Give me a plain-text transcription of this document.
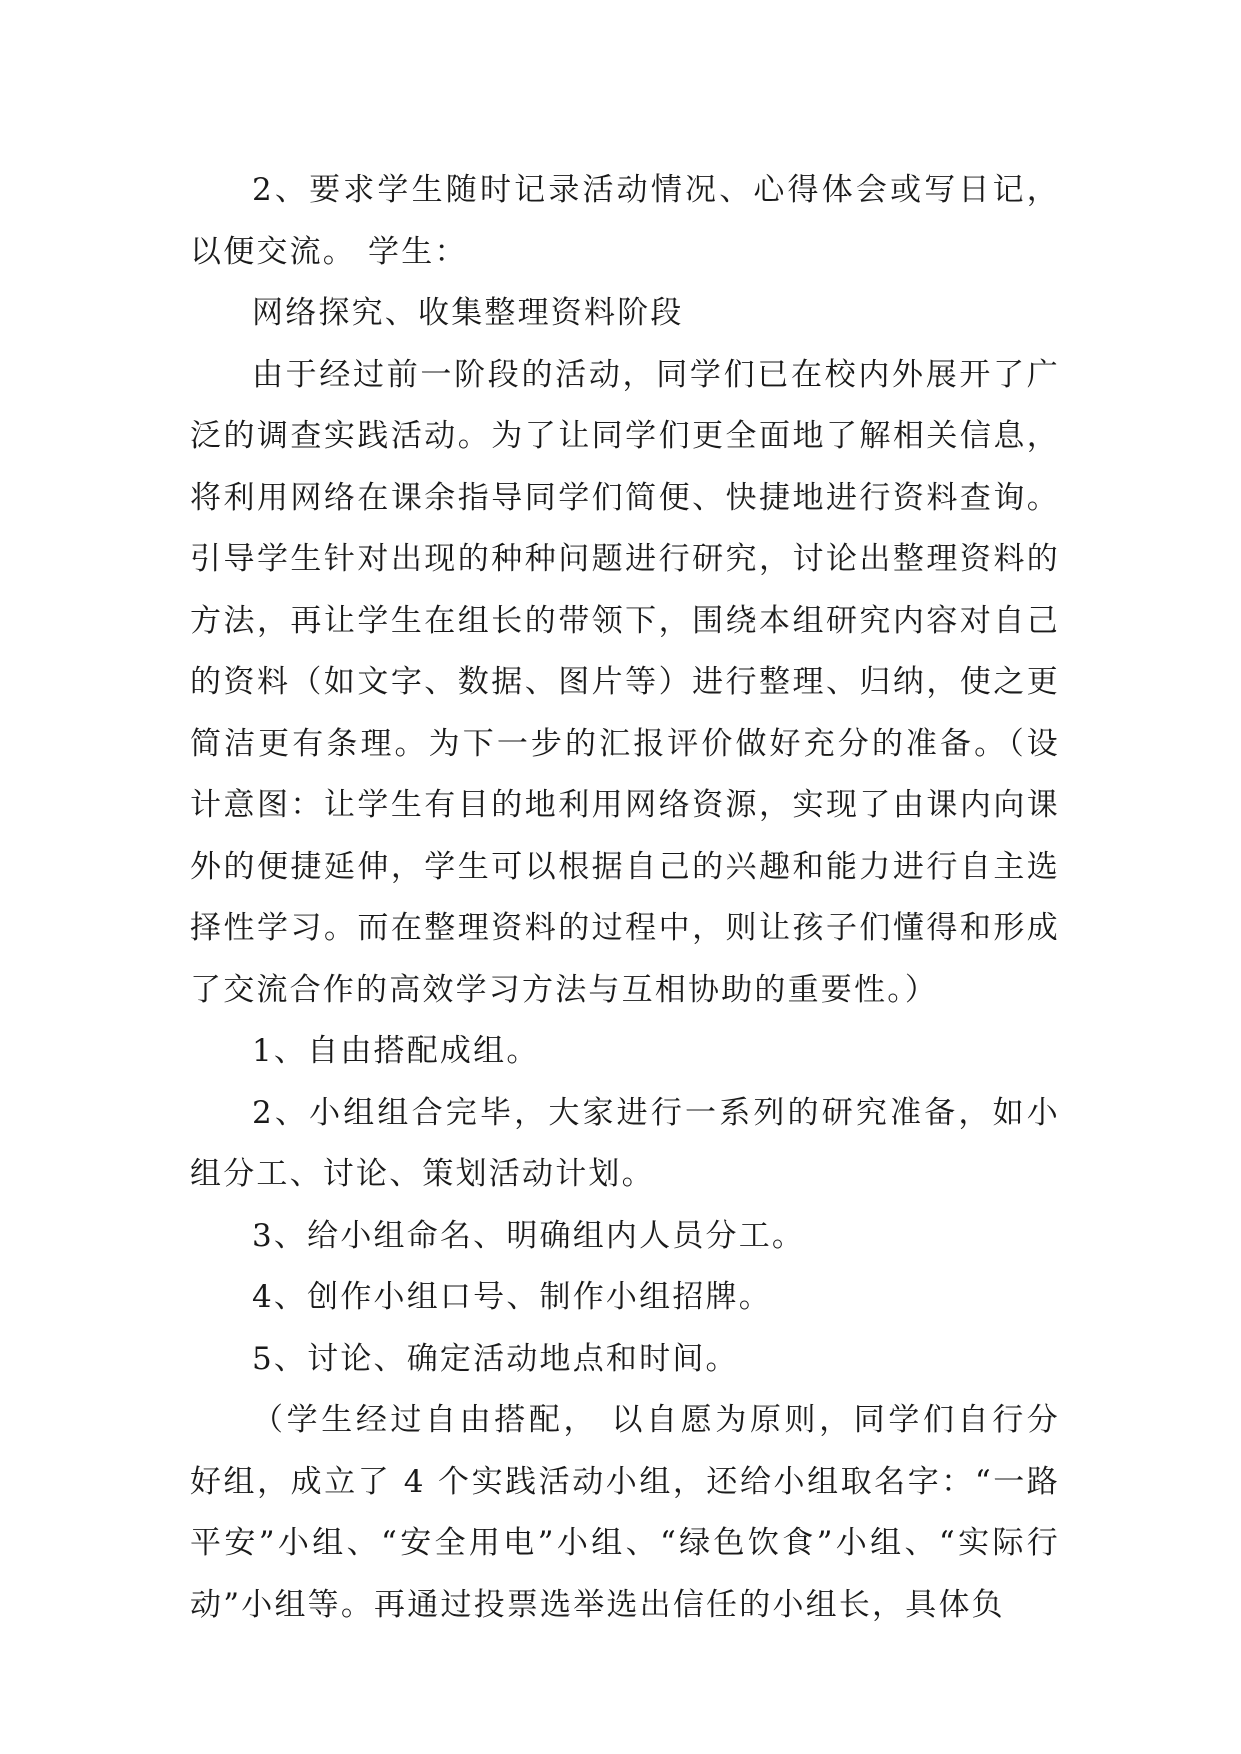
2、要求学生随时记录活动情况、心得体会或写日记，以便交流。 学生：

网络探究、收集整理资料阶段

由于经过前一阶段的活动，同学们已在校内外展开了广泛的调查实践活动。为了让同学们更全面地了解相关信息，将利用网络在课余指导同学们简便、快捷地进行资料查询。引导学生针对出现的种种问题进行研究，讨论出整理资料的方法，再让学生在组长的带领下，围绕本组研究内容对自己的资料（如文字、数据、图片等）进行整理、归纳，使之更简洁更有条理。为下一步的汇报评价做好充分的准备。（设计意图：让学生有目的地利用网络资源，实现了由课内向课外的便捷延伸，学生可以根据自己的兴趣和能力进行自主选择性学习。而在整理资料的过程中，则让孩子们懂得和形成了交流合作的高效学习方法与互相协助的重要性。）

1、自由搭配成组。

2、小组组合完毕，大家进行一系列的研究准备，如小组分工、讨论、策划活动计划。

3、给小组命名、明确组内人员分工。

4、创作小组口号、制作小组招牌。

5、讨论、确定活动地点和时间。

（学生经过自由搭配， 以自愿为原则，同学们自行分好组，成立了 4 个实践活动小组，还给小组取名字：“一路平安”小组、“安全用电”小组、“绿色饮食”小组、“实际行动”小组等。再通过投票选举选出信任的小组长，具体负
